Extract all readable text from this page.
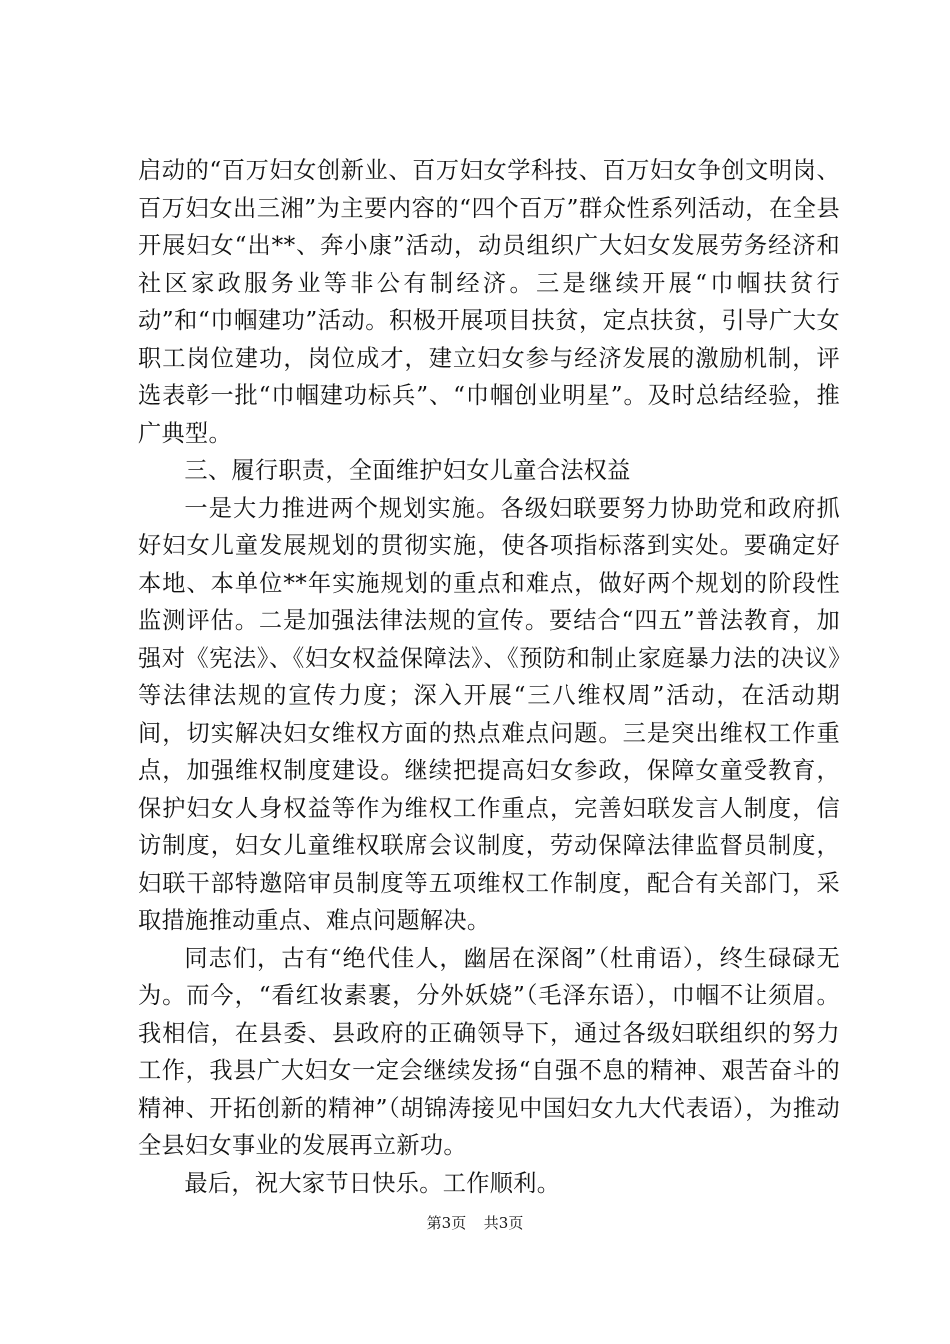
启动的“百万妇女创新业、百万妇女学科技、百万妇女争创文明岗、百万妇女出三湘”为主要内容的“四个百万”群众性系列活动，在全县开展妇女“出**、奔小康”活动，动员组织广大妇女发展劳务经济和社区家政服务业等非公有制经济。三是继续开展“巾帼扶贫行动”和“巾帼建功”活动。积极开展项目扶贫，定点扶贫，引导广大女职工岗位建功，岗位成才，建立妇女参与经济发展的激励机制，评选表彰一批“巾帼建功标兵”、“巾帼创业明星”。及时总结经验，推广典型。

三、履行职责，全面维护妇女儿童合法权益

一是大力推进两个规划实施。各级妇联要努力协助党和政府抓好妇女儿童发展规划的贯彻实施，使各项指标落到实处。要确定好本地、本单位**年实施规划的重点和难点，做好两个规划的阶段性监测评估。二是加强法律法规的宣传。要结合“四五”普法教育，加强对《宪法》、《妇女权益保障法》、《预防和制止家庭暴力法的决议》等法律法规的宣传力度；深入开展“三八维权周”活动，在活动期间，切实解决妇女维权方面的热点难点问题。三是突出维权工作重点，加强维权制度建设。继续把提高妇女参政，保障女童受教育，保护妇女人身权益等作为维权工作重点，完善妇联发言人制度，信访制度，妇女儿童维权联席会议制度，劳动保障法律监督员制度，妇联干部特邀陪审员制度等五项维权工作制度，配合有关部门，采取措施推动重点、难点问题解决。

同志们，古有“绝代佳人，幽居在深阁”（杜甫语），终生碌碌无为。而今，“看红妆素裹，分外妖娆”（毛泽东语），巾帼不让须眉。我相信，在县委、县政府的正确领导下，通过各级妇联组织的努力工作，我县广大妇女一定会继续发扬“自强不息的精神、艰苦奋斗的精神、开拓创新的精神”（胡锦涛接见中国妇女九大代表语），为推动全县妇女事业的发展再立新功。

最后，祝大家节日快乐。工作顺利。

第3页 共3页
